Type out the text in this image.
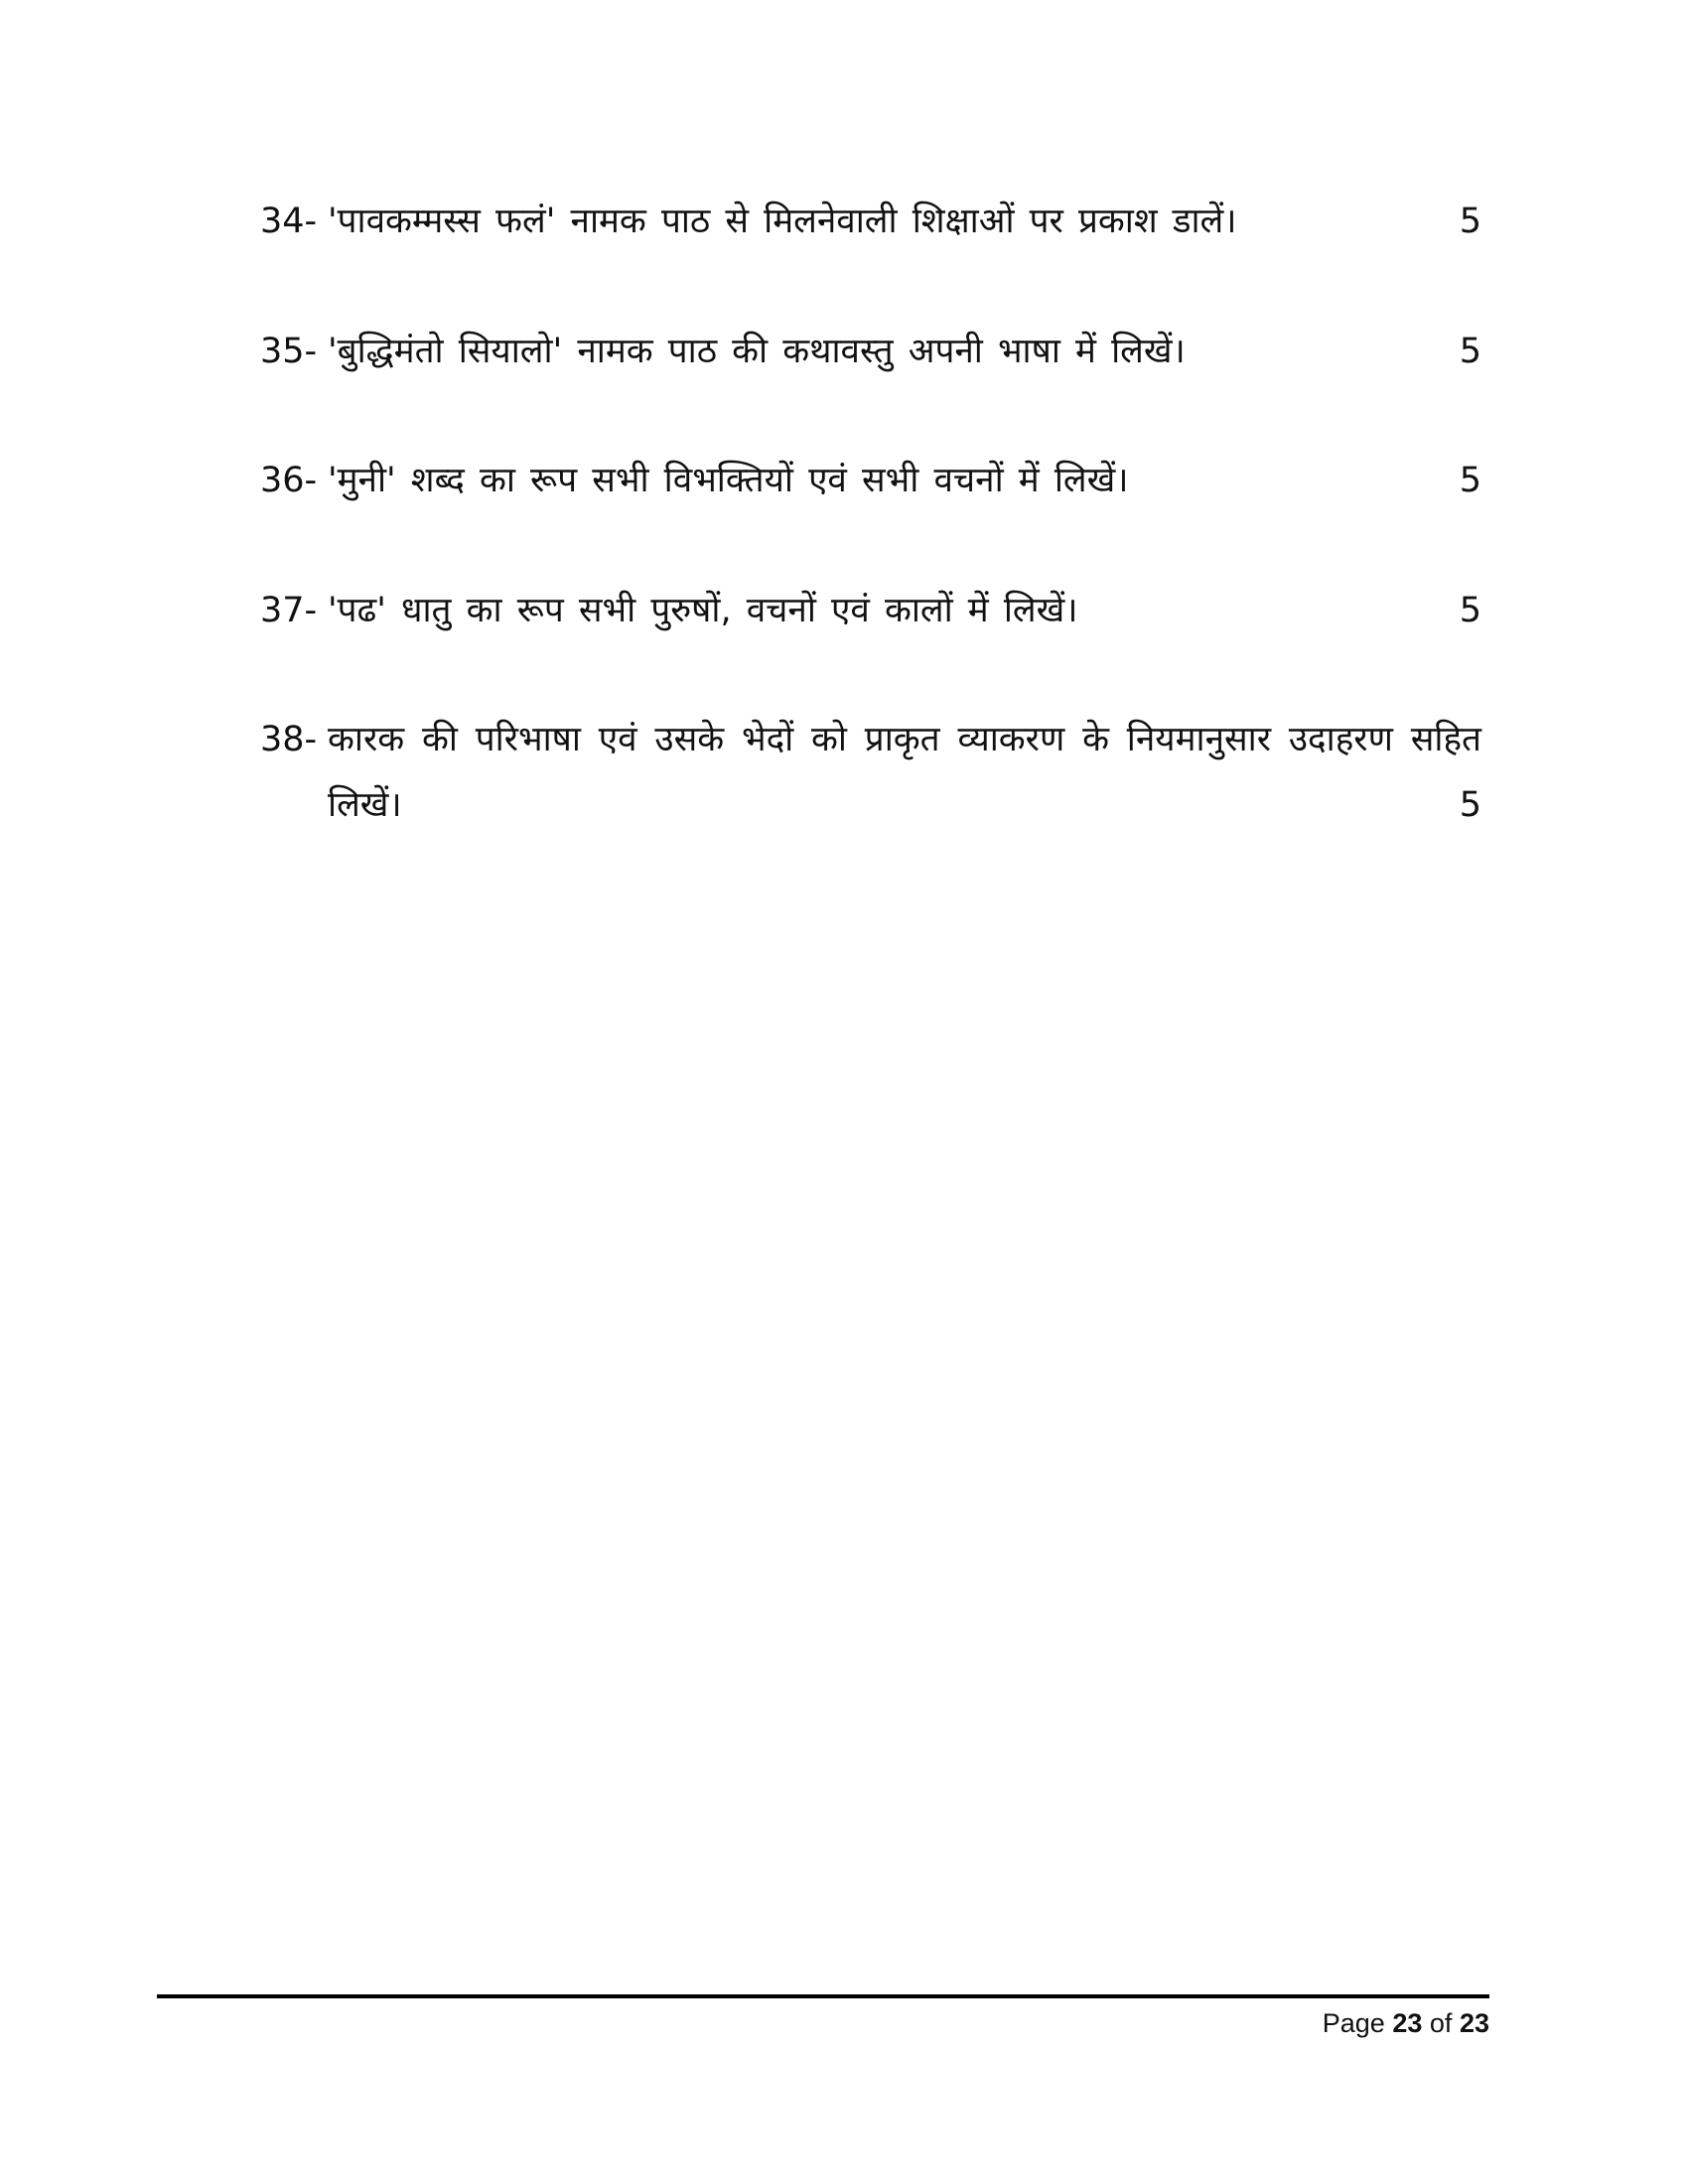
34- 'पावकम्मस्स फलं' नामक पाठ से मिलनेवाली शिक्षाओं पर प्रकाश डालें।	5
35- 'बुद्धिमंतो सियालो' नामक पाठ की कथावस्तु अपनी भाषा में लिखें।	5
36- 'मुनी' शब्द का रूप सभी विभक्तियों एवं सभी वचनों में लिखें।	5
37- 'पढ' धातु का रूप सभी पुरुषों, वचनों एवं कालों में लिखें।	5
38- कारक की परिभाषा एवं उसके भेदों को प्राकृत व्याकरण के नियमानुसार उदाहरण सहित
लिखें।	5
Page 23 of 23
